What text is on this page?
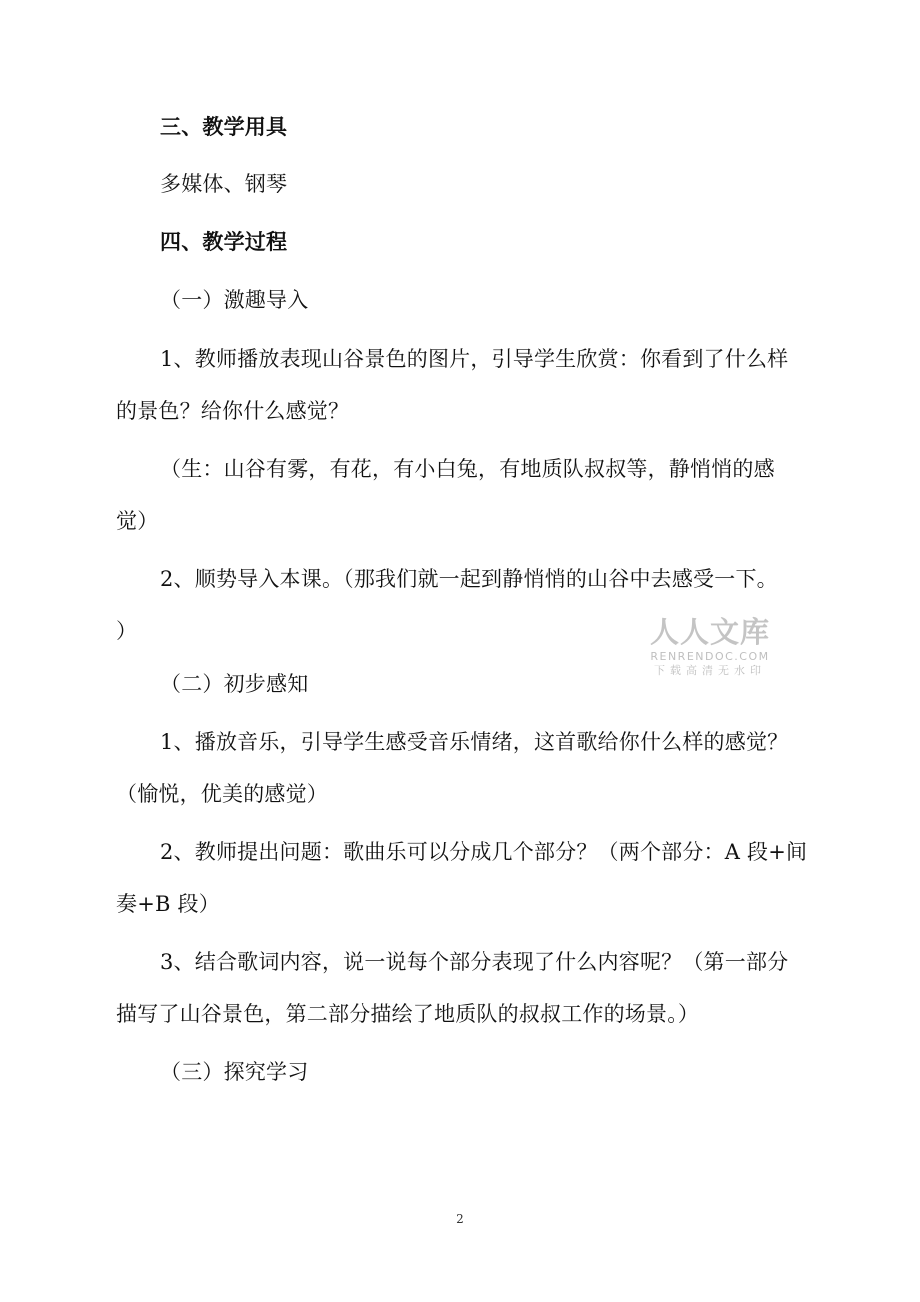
三、教学用具
多媒体、钢琴
四、教学过程
（一）激趣导入
1、教师播放表现山谷景色的图片，引导学生欣赏：你看到了什么样
的景色？给你什么感觉？
（生：山谷有雾，有花，有小白兔，有地质队叔叔等，静悄悄的感
觉）
2、顺势导入本课。（那我们就一起到静悄悄的山谷中去感受一下。
）
（二）初步感知
1、播放音乐，引导学生感受音乐情绪，这首歌给你什么样的感觉？
（愉悦，优美的感觉）
2、教师提出问题：歌曲乐可以分成几个部分？（两个部分：A 段+间
奏+B 段）
3、结合歌词内容，说一说每个部分表现了什么内容呢？（第一部分
描写了山谷景色，第二部分描绘了地质队的叔叔工作的场景。）
（三）探究学习
人人文库
RENRENDOC.COM
下载高清无水印
2
